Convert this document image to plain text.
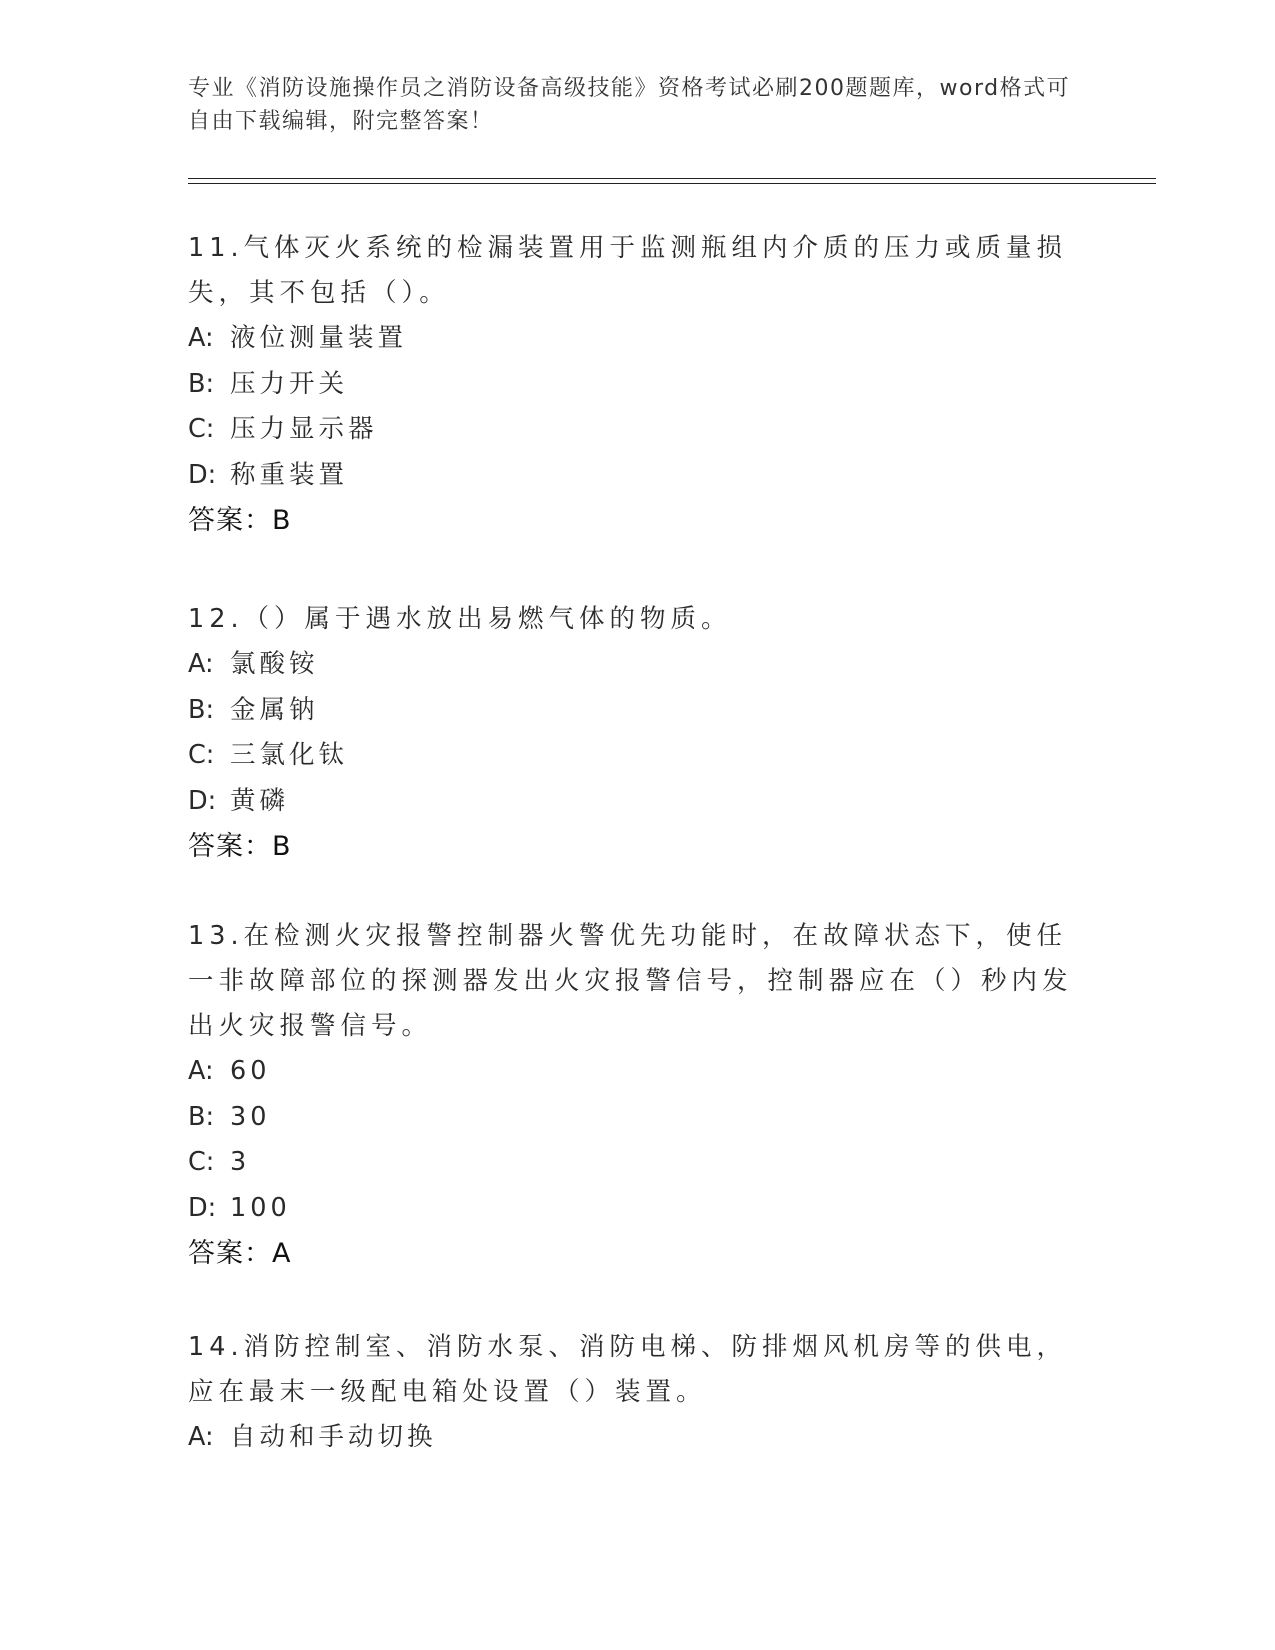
专业《消防设施操作员之消防设备高级技能》资格考试必刷200题题库，word格式可自由下载编辑，附完整答案！

11.气体灭火系统的检漏装置用于监测瓶组内介质的压力或质量损失，其不包括（）。

A: 液位测量装置
B: 压力开关
C: 压力显示器
D: 称重装置
答案：B

12.（）属于遇水放出易燃气体的物质。

A: 氯酸铵
B: 金属钠
C: 三氯化钛
D: 黄磷
答案：B

13.在检测火灾报警控制器火警优先功能时，在故障状态下，使任一非故障部位的探测器发出火灾报警信号，控制器应在（）秒内发出火灾报警信号。

A: 60
B: 30
C: 3
D: 100
答案：A

14.消防控制室、消防水泵、消防电梯、防排烟风机房等的供电，应在最末一级配电箱处设置（）装置。

A: 自动和手动切换
